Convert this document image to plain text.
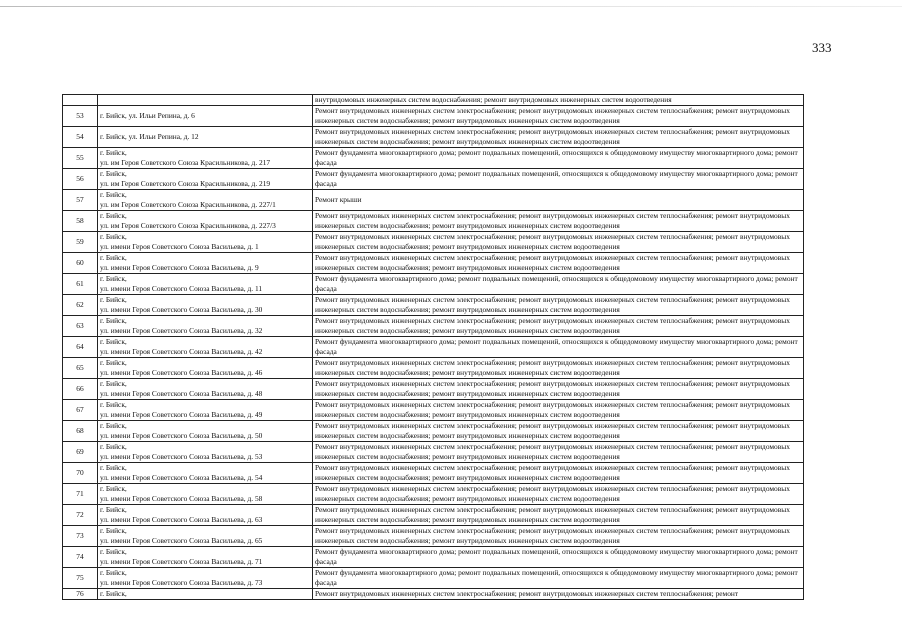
333
		внутридомовых инженерных систем водоснабжения; ремонт внутридомовых инженерных систем водоотведения
53	г. Бийск, ул. Ильи Репина, д. 6	Ремонт внутридомовых инженерных систем электроснабжения; ремонт внутридомовых инженерных систем теплоснабжения; ремонт внутридомовых инженерных систем водоснабжения; ремонт внутридомовых инженерных систем водоотведения
54	г. Бийск, ул. Ильи Репина, д. 12	Ремонт внутридомовых инженерных систем электроснабжения; ремонт внутридомовых инженерных систем теплоснабжения; ремонт внутридомовых инженерных систем водоснабжения; ремонт внутридомовых инженерных систем водоотведения
55	г. Бийск,
ул. им Героя Советского Союза Красильникова, д. 217	Ремонт фундамента многоквартирного дома; ремонт подвальных помещений, относящихся к общедомовому имуществу многоквартирного дома; ремонт фасада
56	г. Бийск,
ул. им Героя Советского Союза Красильникова, д. 219	Ремонт фундамента многоквартирного дома; ремонт подвальных помещений, относящихся к общедомовому имуществу многоквартирного дома; ремонт фасада
57	г. Бийск,
ул. им Героя Советского Союза Красильникова, д. 227/1	Ремонт крыши
58	г. Бийск,
ул. им Героя Советского Союза Красильникова, д. 227/3	Ремонт внутридомовых инженерных систем электроснабжения; ремонт внутридомовых инженерных систем теплоснабжения; ремонт внутридомовых инженерных систем водоснабжения; ремонт внутридомовых инженерных систем водоотведения
59	г. Бийск,
ул. имени Героя Советского Союза Васильева, д. 1	Ремонт внутридомовых инженерных систем электроснабжения; ремонт внутридомовых инженерных систем теплоснабжения; ремонт внутридомовых инженерных систем водоснабжения; ремонт внутридомовых инженерных систем водоотведения
60	г. Бийск,
ул. имени Героя Советского Союза Васильева, д. 9	Ремонт внутридомовых инженерных систем электроснабжения; ремонт внутридомовых инженерных систем теплоснабжения; ремонт внутридомовых инженерных систем водоснабжения; ремонт внутридомовых инженерных систем водоотведения
61	г. Бийск,
ул. имени Героя Советского Союза Васильева, д. 11	Ремонт фундамента многоквартирного дома; ремонт подвальных помещений, относящихся к общедомовому имуществу многоквартирного дома; ремонт фасада
62	г. Бийск,
ул. имени Героя Советского Союза Васильева, д. 30	Ремонт внутридомовых инженерных систем электроснабжения; ремонт внутридомовых инженерных систем теплоснабжения; ремонт внутридомовых инженерных систем водоснабжения; ремонт внутридомовых инженерных систем водоотведения
63	г. Бийск,
ул. имени Героя Советского Союза Васильева, д. 32	Ремонт внутридомовых инженерных систем электроснабжения; ремонт внутридомовых инженерных систем теплоснабжения; ремонт внутридомовых инженерных систем водоснабжения; ремонт внутридомовых инженерных систем водоотведения
64	г. Бийск,
ул. имени Героя Советского Союза Васильева, д. 42	Ремонт фундамента многоквартирного дома; ремонт подвальных помещений, относящихся к общедомовому имуществу многоквартирного дома; ремонт фасада
65	г. Бийск,
ул. имени Героя Советского Союза Васильева, д. 46	Ремонт внутридомовых инженерных систем электроснабжения; ремонт внутридомовых инженерных систем теплоснабжения; ремонт внутридомовых инженерных систем водоснабжения; ремонт внутридомовых инженерных систем водоотведения
66	г. Бийск,
ул. имени Героя Советского Союза Васильева, д. 48	Ремонт внутридомовых инженерных систем электроснабжения; ремонт внутридомовых инженерных систем теплоснабжения; ремонт внутридомовых инженерных систем водоснабжения; ремонт внутридомовых инженерных систем водоотведения
67	г. Бийск,
ул. имени Героя Советского Союза Васильева, д. 49	Ремонт внутридомовых инженерных систем электроснабжения; ремонт внутридомовых инженерных систем теплоснабжения; ремонт внутридомовых инженерных систем водоснабжения; ремонт внутридомовых инженерных систем водоотведения
68	г. Бийск,
ул. имени Героя Советского Союза Васильева, д. 50	Ремонт внутридомовых инженерных систем электроснабжения; ремонт внутридомовых инженерных систем теплоснабжения; ремонт внутридомовых инженерных систем водоснабжения; ремонт внутридомовых инженерных систем водоотведения
69	г. Бийск,
ул. имени Героя Советского Союза Васильева, д. 53	Ремонт внутридомовых инженерных систем электроснабжения; ремонт внутридомовых инженерных систем теплоснабжения; ремонт внутридомовых инженерных систем водоснабжения; ремонт внутридомовых инженерных систем водоотведения
70	г. Бийск,
ул. имени Героя Советского Союза Васильева, д. 54	Ремонт внутридомовых инженерных систем электроснабжения; ремонт внутридомовых инженерных систем теплоснабжения; ремонт внутридомовых инженерных систем водоснабжения; ремонт внутридомовых инженерных систем водоотведения
71	г. Бийск,
ул. имени Героя Советского Союза Васильева, д. 58	Ремонт внутридомовых инженерных систем электроснабжения; ремонт внутридомовых инженерных систем теплоснабжения; ремонт внутридомовых инженерных систем водоснабжения; ремонт внутридомовых инженерных систем водоотведения
72	г. Бийск,
ул. имени Героя Советского Союза Васильева, д. 63	Ремонт внутридомовых инженерных систем электроснабжения; ремонт внутридомовых инженерных систем теплоснабжения; ремонт внутридомовых инженерных систем водоснабжения; ремонт внутридомовых инженерных систем водоотведения
73	г. Бийск,
ул. имени Героя Советского Союза Васильева, д. 65	Ремонт внутридомовых инженерных систем электроснабжения; ремонт внутридомовых инженерных систем теплоснабжения; ремонт внутридомовых инженерных систем водоснабжения; ремонт внутридомовых инженерных систем водоотведения
74	г. Бийск,
ул. имени Героя Советского Союза Васильева, д. 71	Ремонт фундамента многоквартирного дома; ремонт подвальных помещений, относящихся к общедомовому имуществу многоквартирного дома; ремонт фасада
75	г. Бийск,
ул. имени Героя Советского Союза Васильева, д. 73	Ремонт фундамента многоквартирного дома; ремонт подвальных помещений, относящихся к общедомовому имуществу многоквартирного дома; ремонт фасада
76	г. Бийск,	Ремонт внутридомовых инженерных систем электроснабжения; ремонт внутридомовых инженерных систем теплоснабжения; ремонт
